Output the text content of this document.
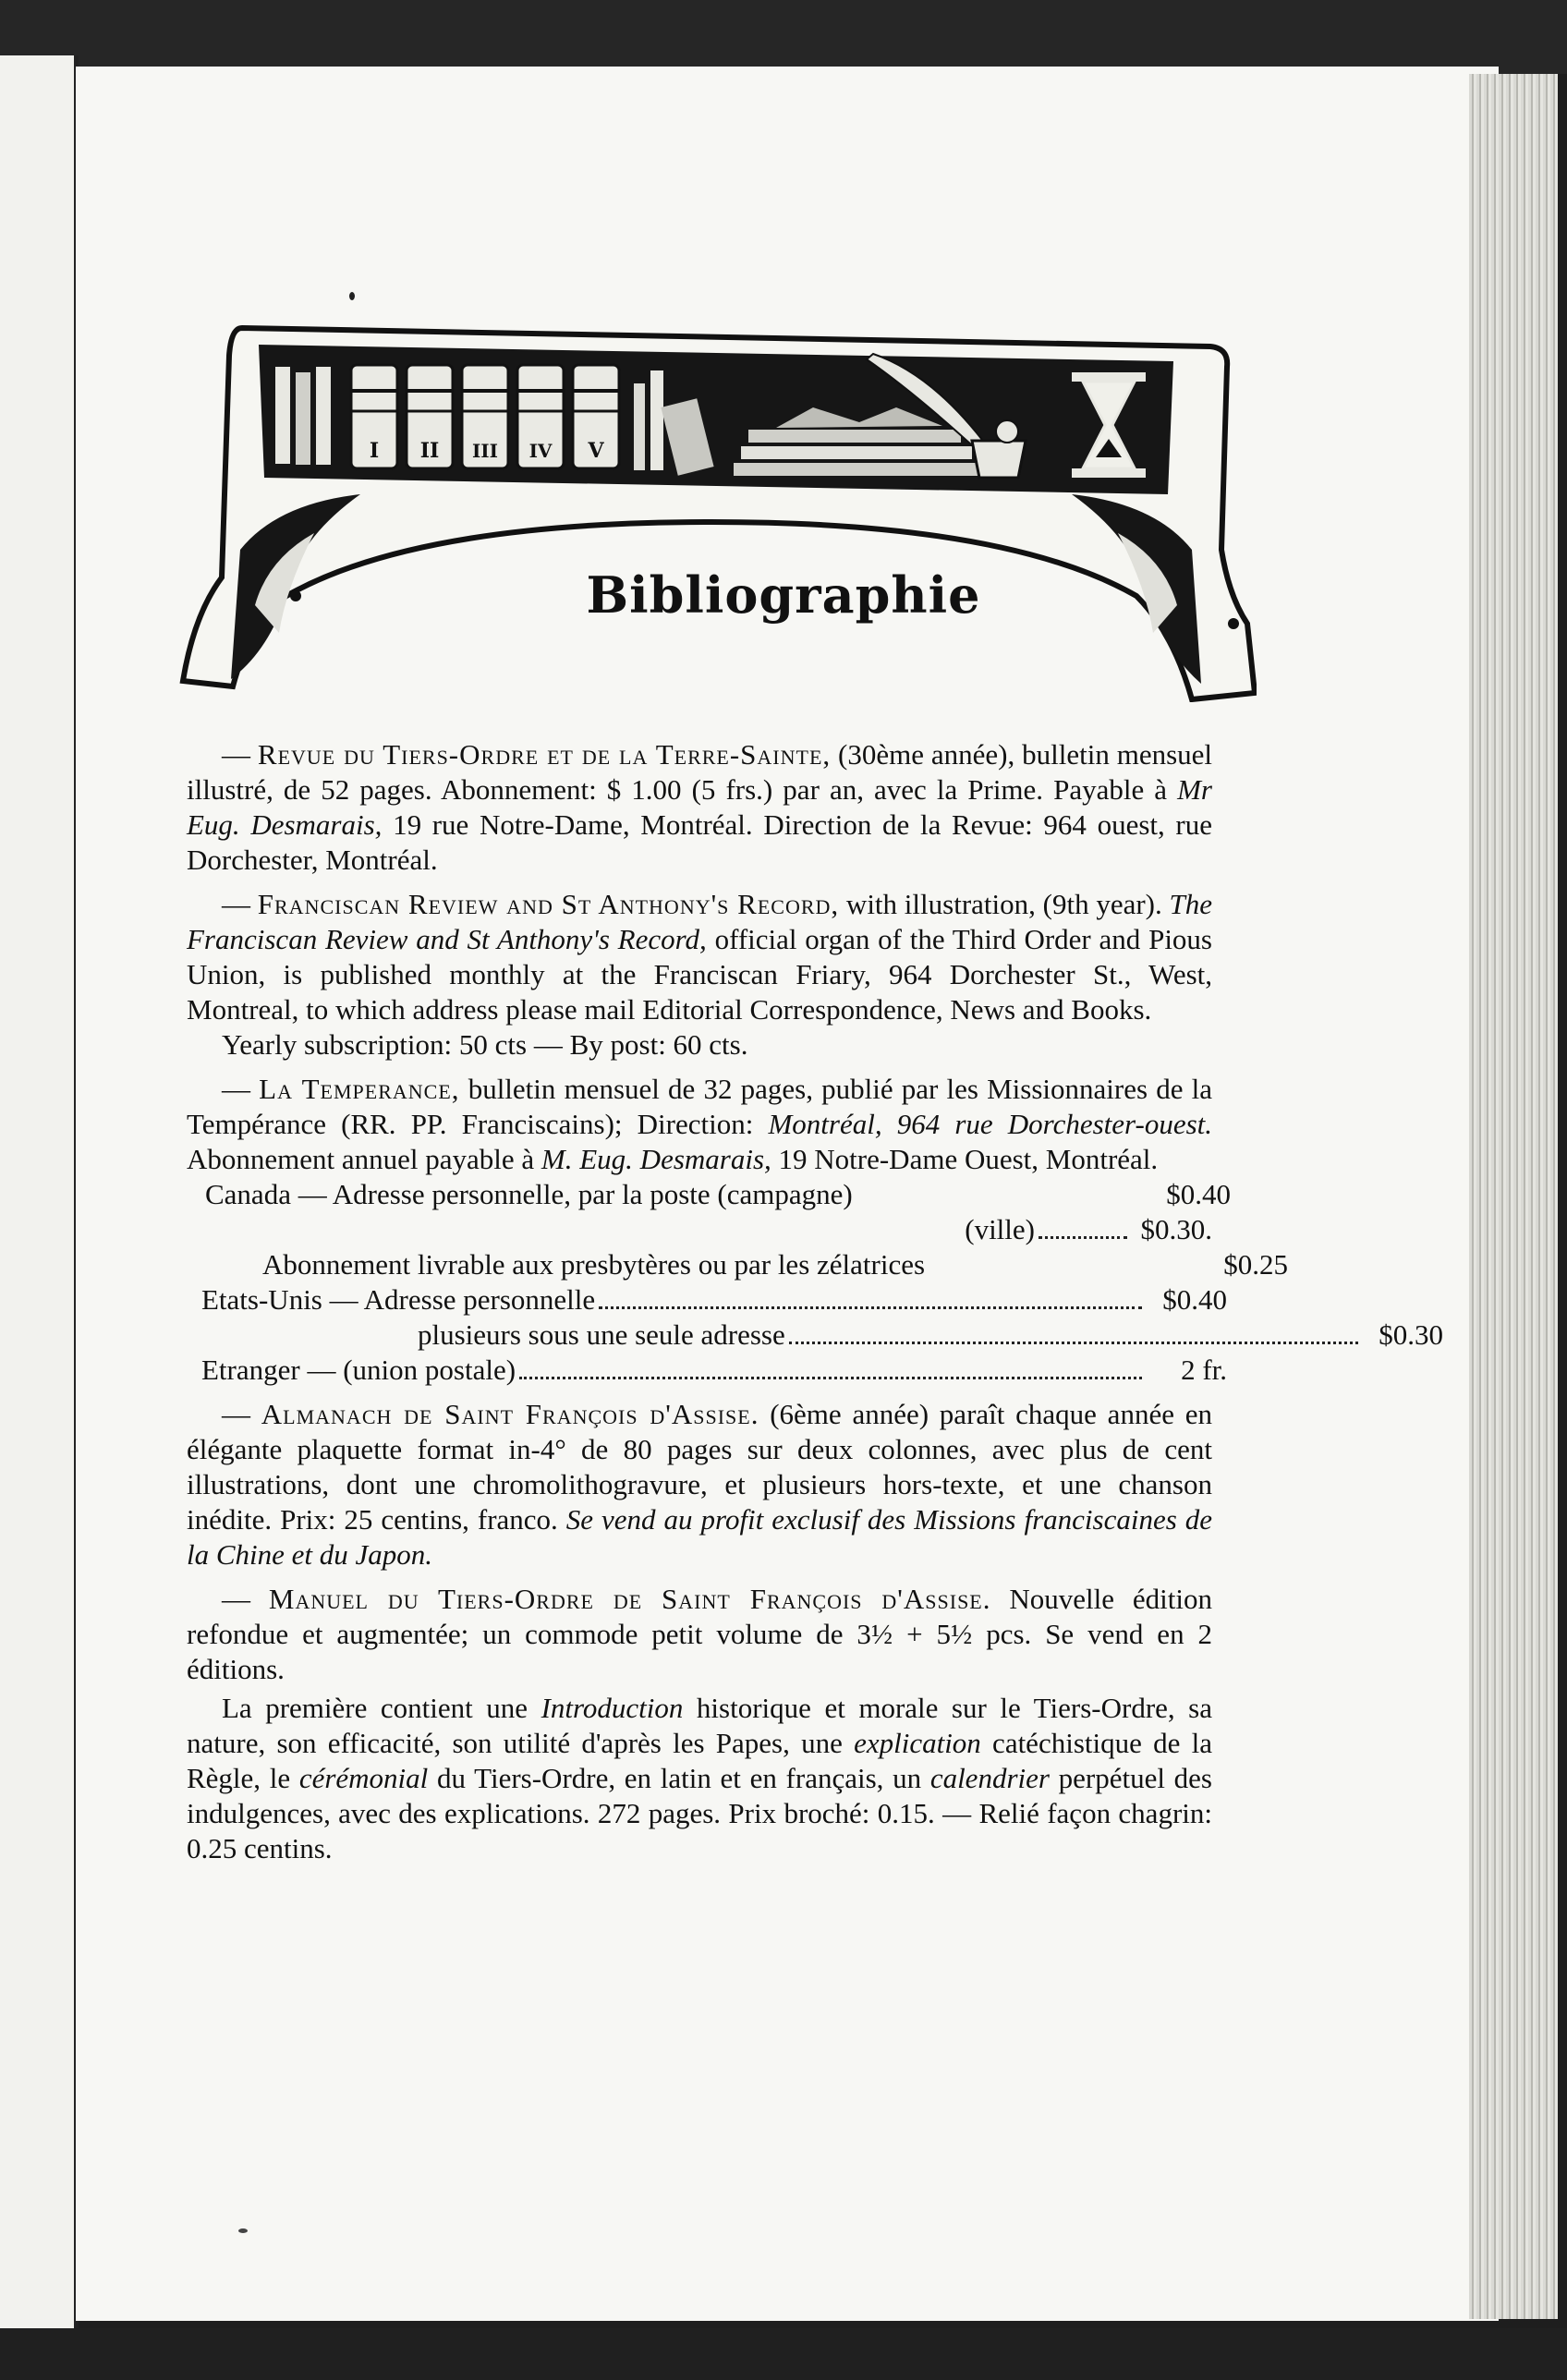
I II III IV V
Bibliographie

— Revue du Tiers-Ordre et de la Terre-Sainte, (30ème année), bulletin mensuel illustré, de 52 pages. Abonnement: $ 1.00 (5 frs.) par an, avec la Prime. Payable à Mr Eug. Desmarais, 19 rue Notre-Dame, Montréal. Direction de la Revue: 964 ouest, rue Dorchester, Montréal.

— Franciscan Review and St Anthony's Record, with illustration, (9th year). The Franciscan Review and St Anthony's Record, official organ of the Third Order and Pious Union, is published monthly at the Franciscan Friary, 964 Dorchester St., West, Montreal, to which address please mail Editorial Correspondence, News and Books.

Yearly subscription: 50 cts — By post: 60 cts.

— La Temperance, bulletin mensuel de 32 pages, publié par les Missionnaires de la Tempérance (RR. PP. Franciscains); Direction: Montréal, 964 rue Dorchester-ouest. Abonnement annuel payable à M. Eug. Desmarais, 19 Notre-Dame Ouest, Montréal.

Canada — Adresse personnelle, par la poste (campagne)	$0.40
(ville)	$0.30.
Abonnement livrable aux presbytères ou par les zélatrices	$0.25
Etats-Unis — Adresse personnelle	$0.40
plusieurs sous une seule adresse	$0.30
Etranger — (union postale)	2 fr.

— Almanach de Saint François d'Assise. (6ème année) paraît chaque année en élégante plaquette format in-4° de 80 pages sur deux colonnes, avec plus de cent illustrations, dont une chromolithogravure, et plusieurs hors-texte, et une chanson inédite. Prix: 25 centins, franco. Se vend au profit exclusif des Missions franciscaines de la Chine et du Japon.

— Manuel du Tiers-Ordre de Saint François d'Assise. Nouvelle édition refondue et augmentée; un commode petit volume de 3½ + 5½ pcs. Se vend en 2 éditions.

La première contient une Introduction historique et morale sur le Tiers-Ordre, sa nature, son efficacité, son utilité d'après les Papes, une explication catéchistique de la Règle, le cérémonial du Tiers-Ordre, en latin et en français, un calendrier perpétuel des indulgences, avec des explications. 272 pages. Prix broché: 0.15. — Relié façon chagrin: 0.25 centins.
